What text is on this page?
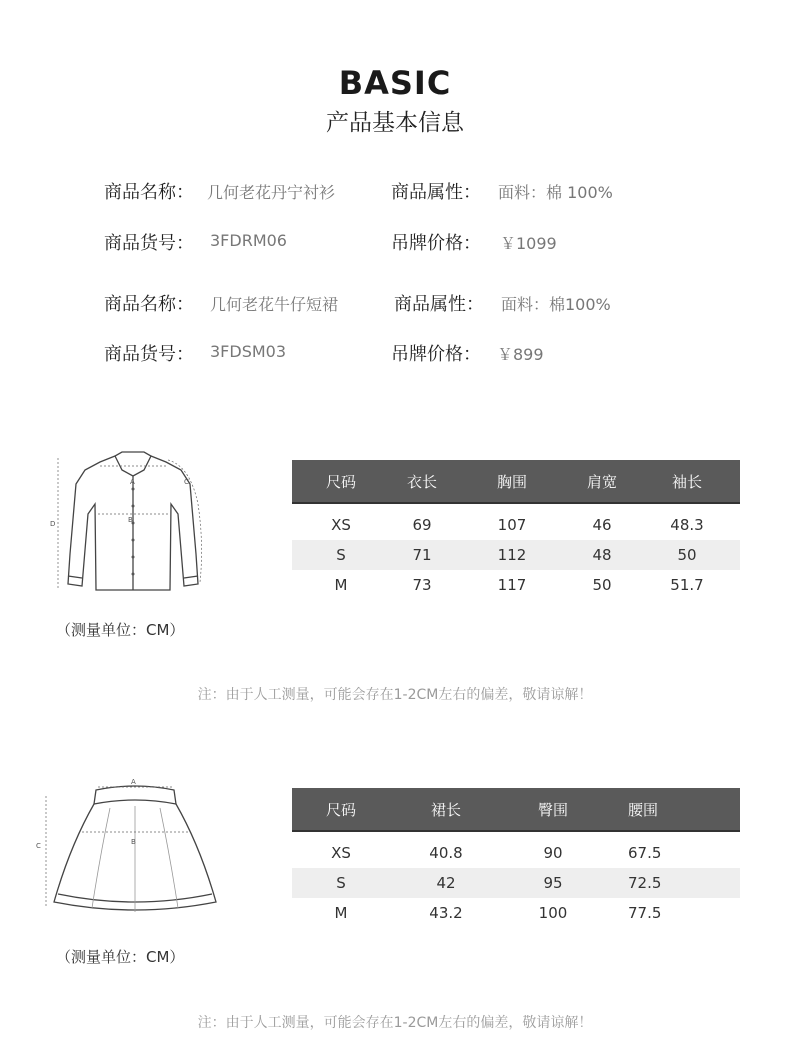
BASIC
产品基本信息
商品名称： 几何老花丹宁衬衫	商品属性： 面料：棉 100%
商品货号： 3FDRM06	吊牌价格： ￥1099
商品名称： 几何老花牛仔短裙	商品属性： 面料：棉100%
商品货号： 3FDSM03	吊牌价格： ￥899
A
B
C
D
尺码	衣长	胸围	肩宽	袖长

XS	69	107	46	48.3
S	71	112	48	50
M	73	117	50	51.7
（测量单位：CM）
注：由于人工测量，可能会存在1-2CM左右的偏差，敬请谅解！
A
B
C
尺码	裙长	臀围	腰围

XS	40.8	90	67.5
S	42	95	72.5
M	43.2	100	77.5
（测量单位：CM）
注：由于人工测量，可能会存在1-2CM左右的偏差，敬请谅解！
